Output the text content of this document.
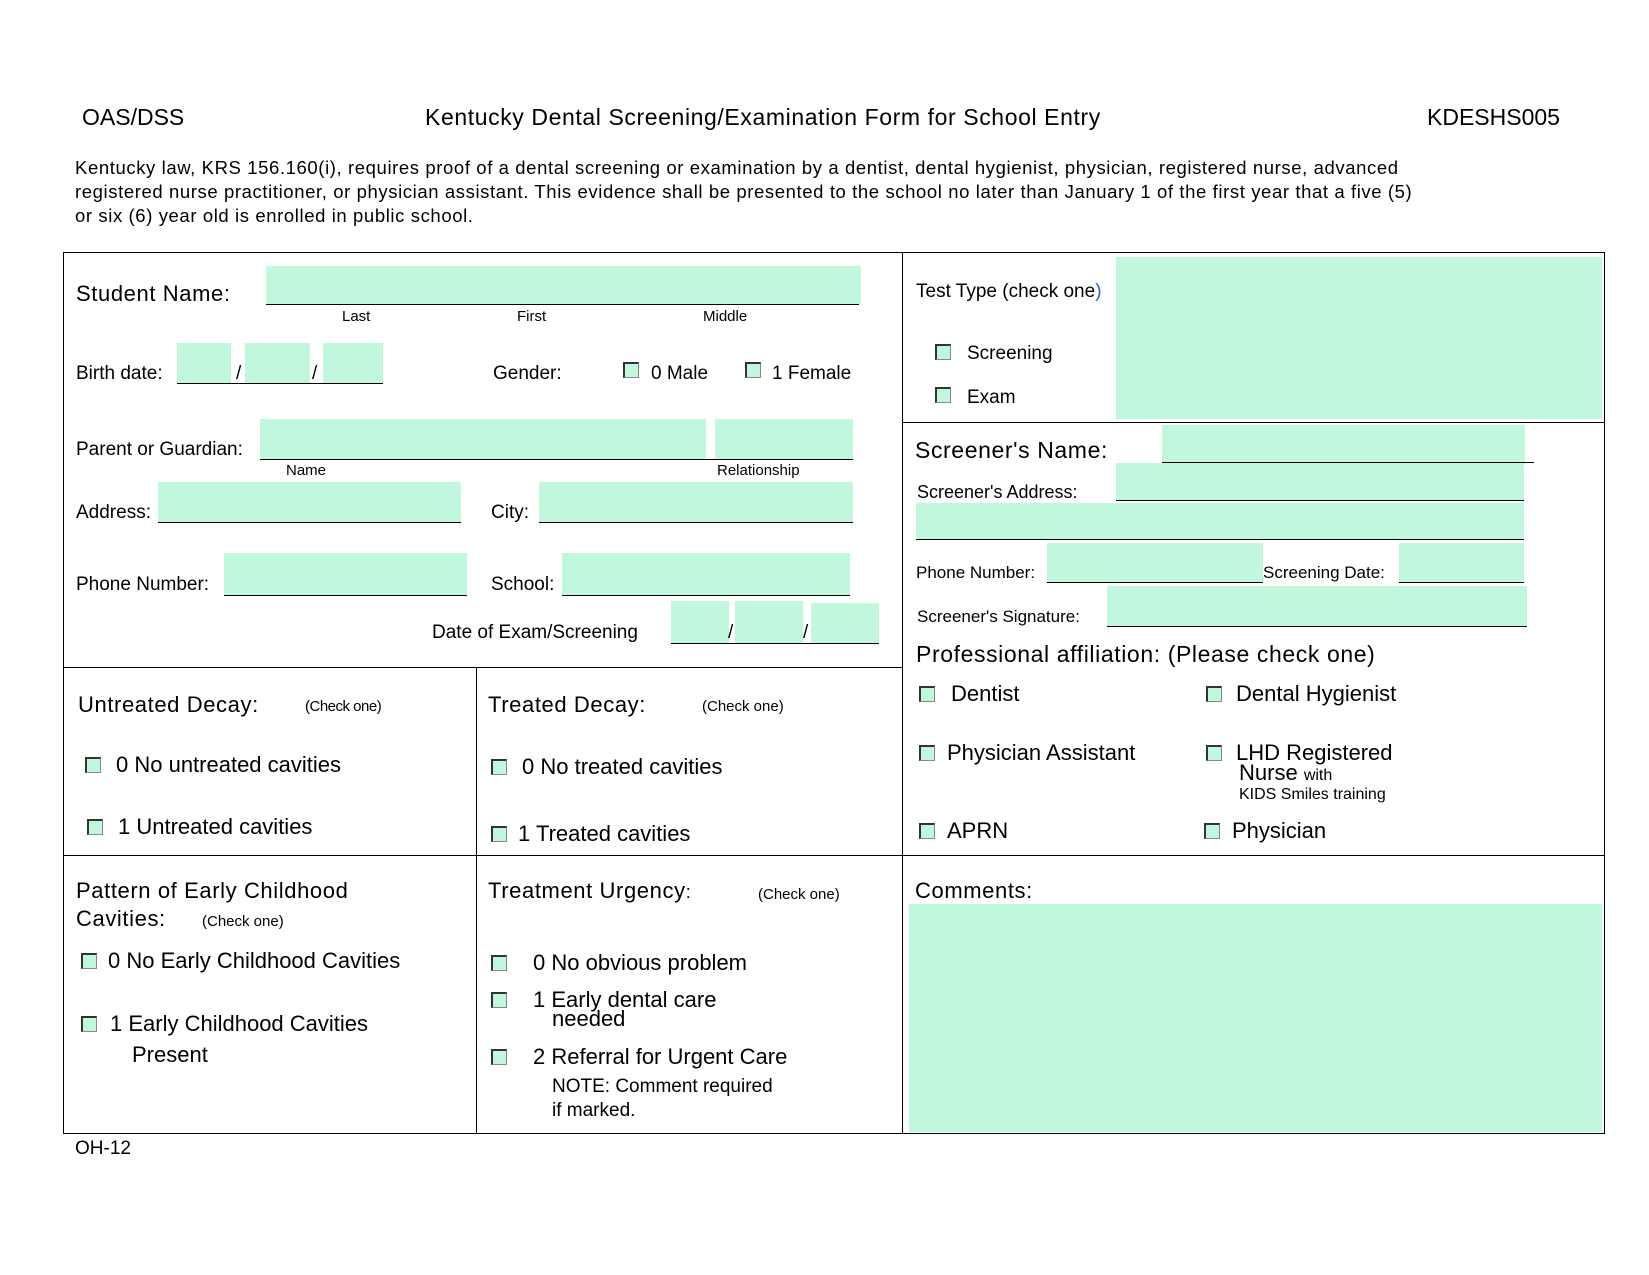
OAS/DSS	Kentucky Dental Screening/Examination Form for School Entry	KDESHS005
Kentucky law, KRS 156.160(i), requires proof of a dental screening or examination by a dentist, dental hygienist, physician, registered nurse, advanced
registered nurse practitioner, or physician assistant. This evidence shall be presented to the school no later than January 1 of the first year that a five (5)
or six (6) year old is enrolled in public school.
Student Name:
Last	First	Middle
Birth date:	/	/	Gender:	0 Male	1 Female
Parent or Guardian:
Name	Relationship
Address:	City:
Phone Number:	School:
Date of Exam/Screening	/	/
Test Type (check one)
Screening
Exam
Screener's Name:
Screener's Address:
Phone Number:	Screening Date:
Screener's Signature:
Professional affiliation: (Please check one)
Dentist	Dental Hygienist
Physician Assistant	LHD Registered
Nurse with
KIDS Smiles training
APRN	Physician
Untreated Decay:	(Check one)
0 No untreated cavities
1 Untreated cavities
Treated Decay:	(Check one)
0 No treated cavities
1 Treated cavities
Pattern of Early Childhood
Cavities: (Check one)
0 No Early Childhood Cavities
1 Early Childhood Cavities
Present
Treatment Urgency:	(Check one)
0 No obvious problem
1 Early dental care
needed
2 Referral for Urgent Care
NOTE: Comment required
if marked.
Comments:
OH-12
